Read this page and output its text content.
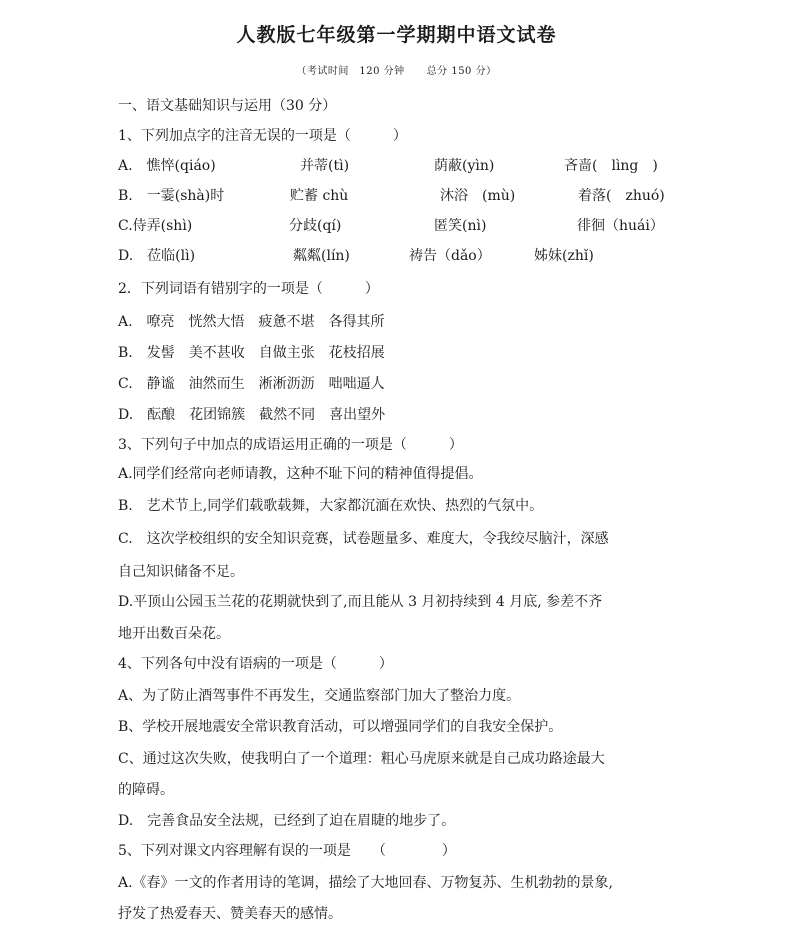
人教版七年级第一学期期中语文试卷
（考试时间　120 分钟 总分 150 分）
一、语文基础知识与运用（30 分）
1、下列加点字的注音无误的一项是（　　　）
A.　憔悴(qiáo)	并蒂(tì)	荫蔽(yìn)	吝啬(　lìng　)
B.　一霎(shà)时	贮蓄 chù	沐浴　(mù)	着落(　zhuó)
C.侍弄(shì)	分歧(qí)	匿笑(nì)	徘徊（huái）
D.　莅临(lì)	粼粼(lín)	祷告（dǎo）	姊妹(zhǐ)
2．下列词语有错别字的一项是（　　　）
A.　嘹亮　恍然大悟　疲惫不堪　各得其所
B.　发髻　美不甚收　自做主张　花枝招展
C.　静谧　油然而生　淅淅沥沥　咄咄逼人
D.　酝酿　花团锦簇　截然不同　喜出望外
3、下列句子中加点的成语运用正确的一项是（　　　）
A.同学们经常向老师请教，这种不耻下问的精神值得提倡。
B.　艺术节上,同学们载歌载舞，大家都沉湎在欢快、热烈的气氛中。
C.　这次学校组织的安全知识竞赛，试卷题量多、难度大，令我绞尽脑汁，深感
自己知识储备不足。
D.平顶山公园玉兰花的花期就快到了,而且能从 3 月初持续到 4 月底, 参差不齐
地开出数百朵花。
4、下列各句中没有语病的一项是（　　　）
A、为了防止酒驾事件不再发生，交通监察部门加大了整治力度。
B、学校开展地震安全常识教育活动，可以增强同学们的自我安全保护。
C、通过这次失败，使我明白了一个道理：粗心马虎原来就是自己成功路途最大
的障碍。
D.　完善食品安全法规，已经到了迫在眉睫的地步了。
5、下列对课文内容理解有误的一项是　　（　　　　）
A.《春》一文的作者用诗的笔调，描绘了大地回春、万物复苏、生机勃勃的景象,
抒发了热爱春天、赞美春天的感情。
